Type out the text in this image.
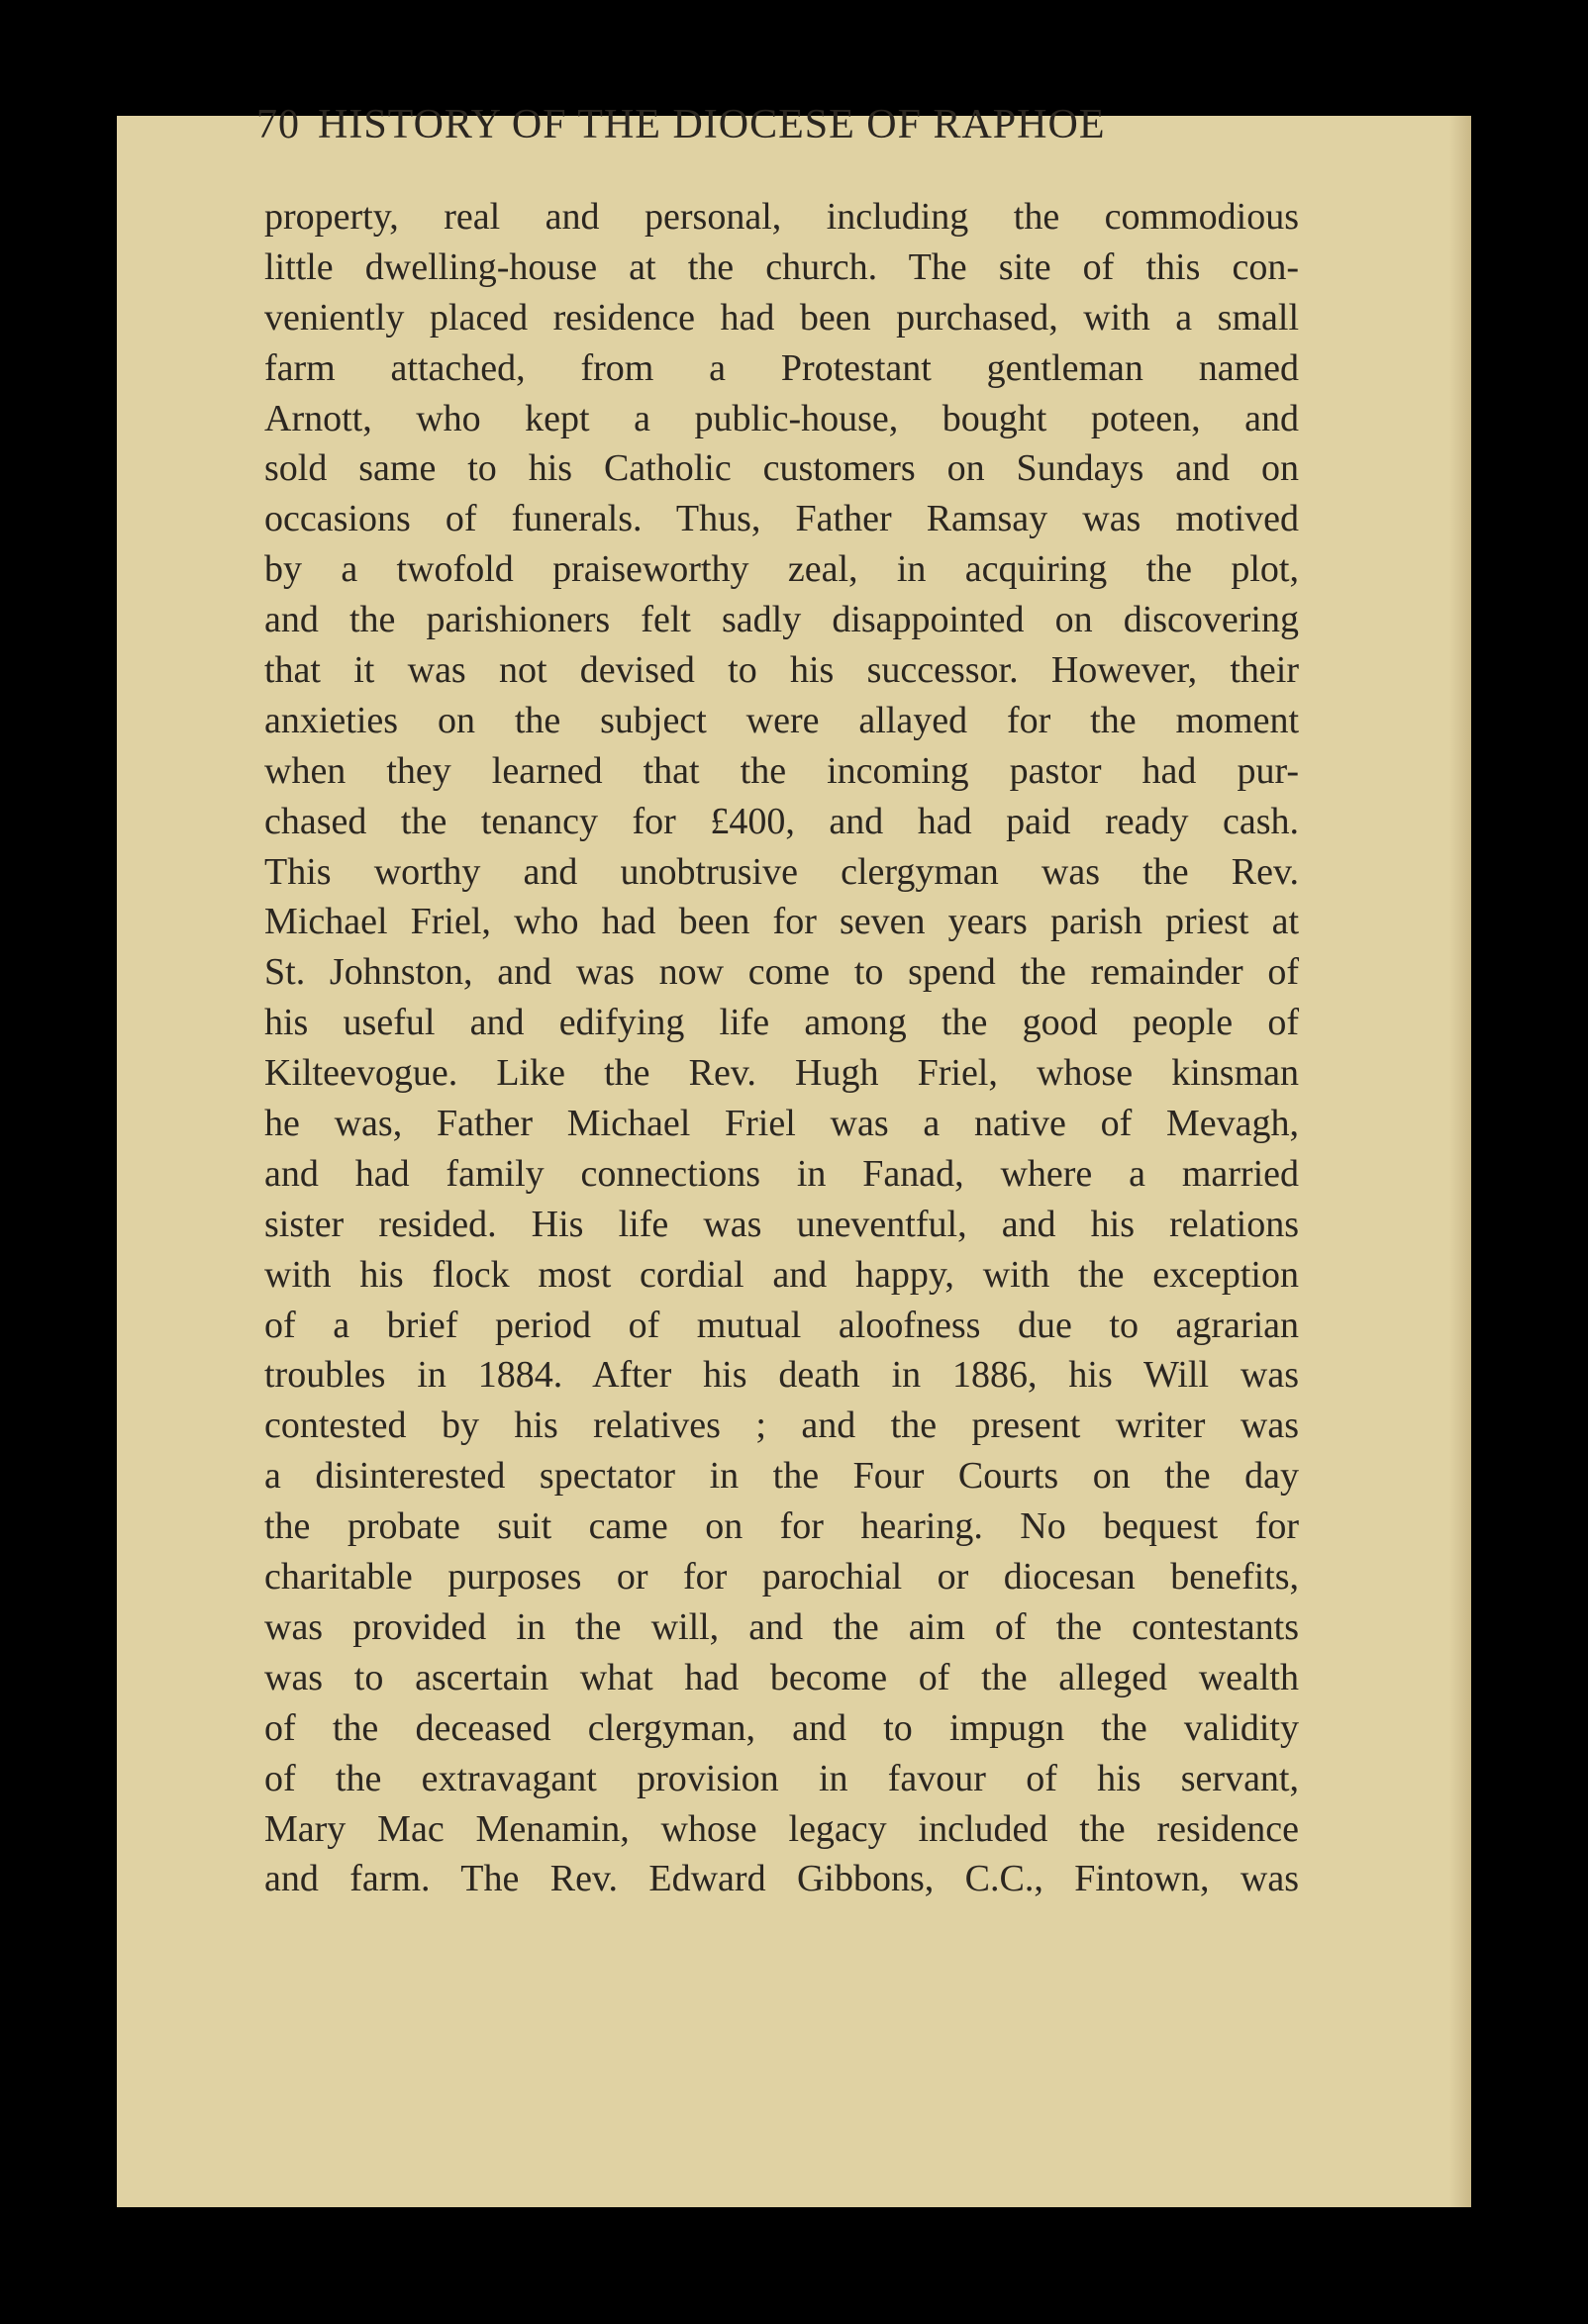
70 HISTORY OF THE DIOCESE OF RAPHOE
property, real and personal, including the commodious
little dwelling-house at the church. The site of this con-
veniently placed residence had been purchased, with a small
farm attached, from a Protestant gentleman named
Arnott, who kept a public-house, bought poteen, and
sold same to his Catholic customers on Sundays and on
occasions of funerals. Thus, Father Ramsay was motived
by a twofold praiseworthy zeal, in acquiring the plot,
and the parishioners felt sadly disappointed on discovering
that it was not devised to his successor. However, their
anxieties on the subject were allayed for the moment
when they learned that the incoming pastor had pur-
chased the tenancy for £400, and had paid ready cash.
This worthy and unobtrusive clergyman was the Rev.
Michael Friel, who had been for seven years parish priest at
St. Johnston, and was now come to spend the remainder of
his useful and edifying life among the good people of
Kilteevogue. Like the Rev. Hugh Friel, whose kinsman
he was, Father Michael Friel was a native of Mevagh,
and had family connections in Fanad, where a married
sister resided. His life was uneventful, and his relations
with his flock most cordial and happy, with the exception
of a brief period of mutual aloofness due to agrarian
troubles in 1884. After his death in 1886, his Will was
contested by his relatives ; and the present writer was
a disinterested spectator in the Four Courts on the day
the probate suit came on for hearing. No bequest for
charitable purposes or for parochial or diocesan benefits,
was provided in the will, and the aim of the contestants
was to ascertain what had become of the alleged wealth
of the deceased clergyman, and to impugn the validity
of the extravagant provision in favour of his servant,
Mary Mac Menamin, whose legacy included the residence
and farm. The Rev. Edward Gibbons, C.C., Fintown, was
